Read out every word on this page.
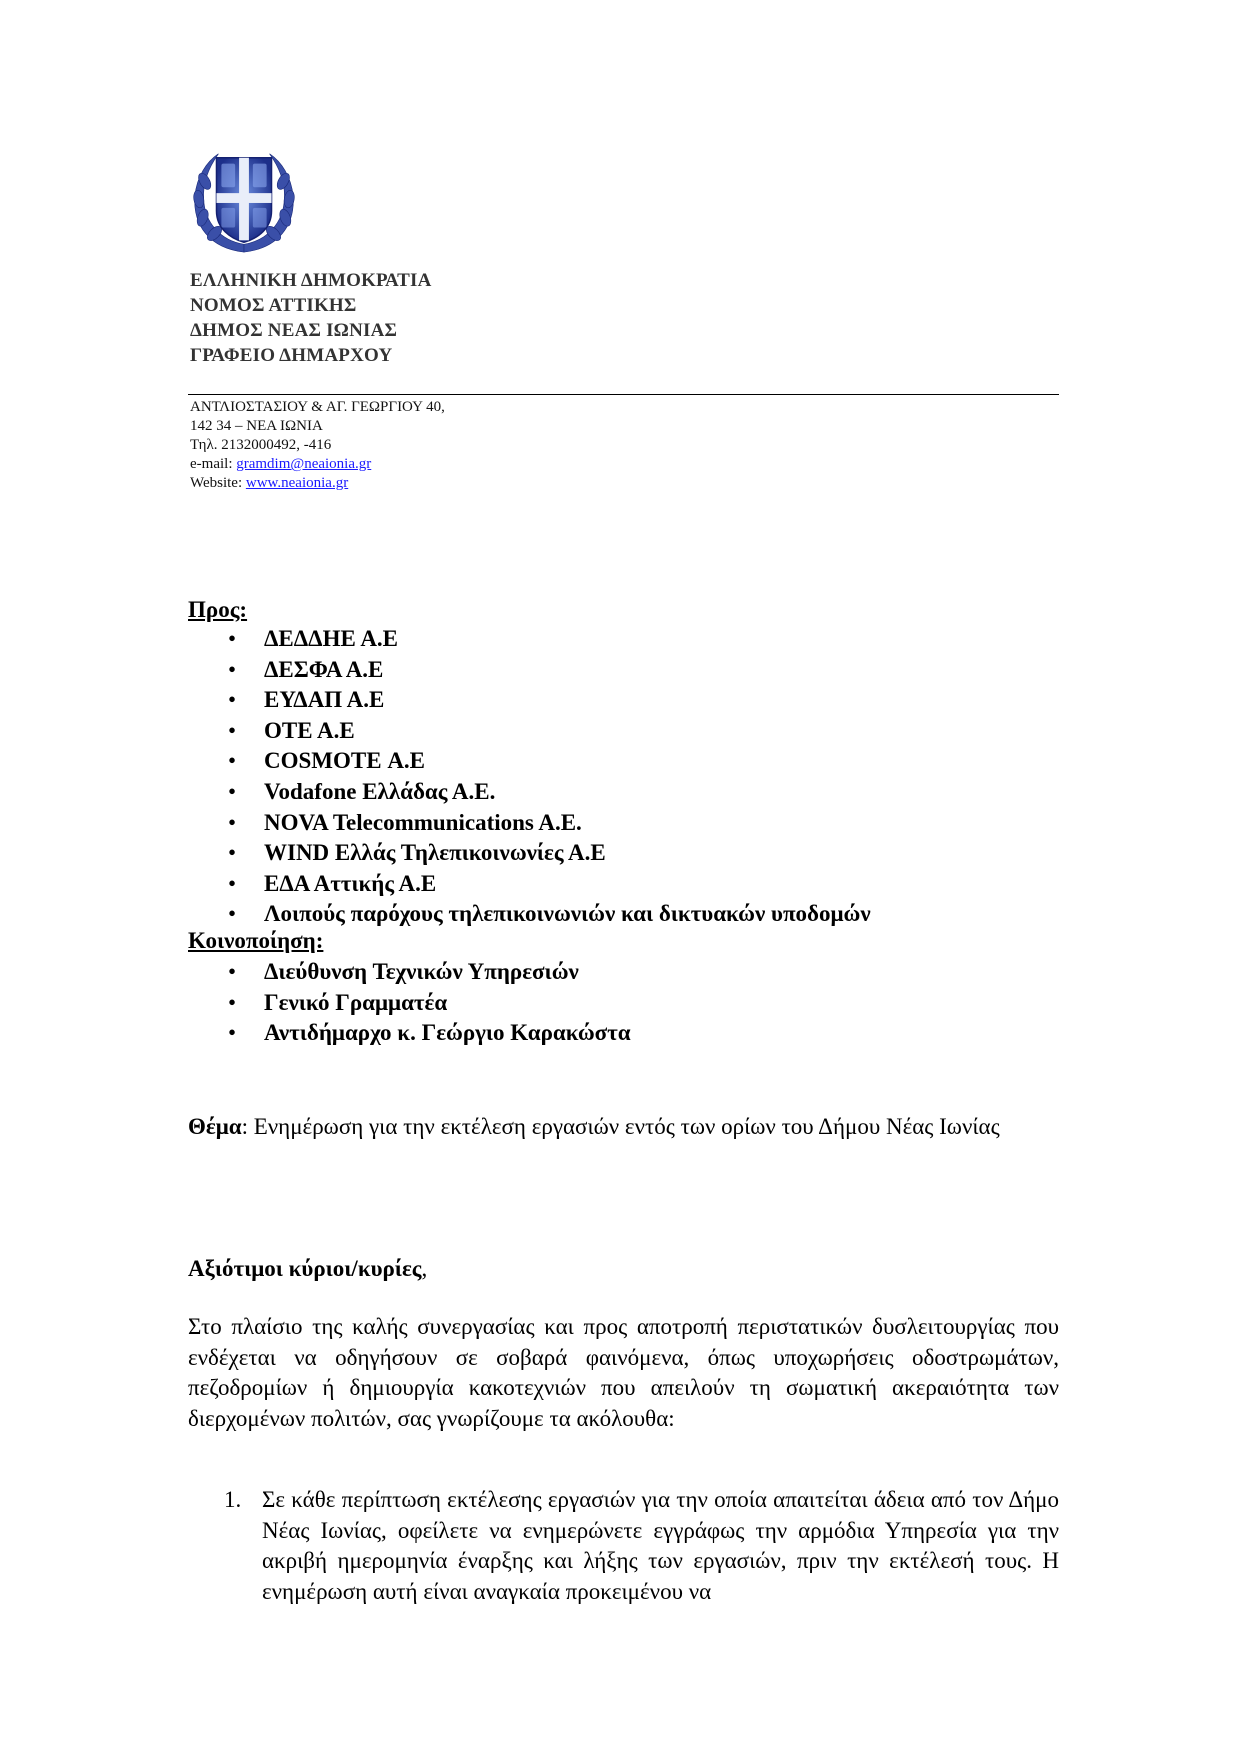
ΕΛΛΗΝΙΚΗ ΔΗΜΟΚΡΑΤΙΑ
ΝΟΜΟΣ ΑΤΤΙΚΗΣ
ΔΗΜΟΣ ΝΕΑΣ ΙΩΝΙΑΣ
ΓΡΑΦΕΙΟ ΔΗΜΑΡΧΟΥ
ΑΝΤΛΙΟΣΤΑΣΙΟΥ & ΑΓ. ΓΕΩΡΓΙΟΥ 40,
142 34 – ΝΕΑ ΙΩΝΙΑ
Τηλ. 2132000492, -416
e-mail: gramdim@neaionia.gr
Website: www.neaionia.gr
Προς:
• ΔΕΔΔΗΕ Α.Ε
• ΔΕΣΦΑ Α.Ε
• ΕΥΔΑΠ Α.Ε
• ΟΤΕ Α.Ε
• COSMOTE Α.Ε
• Vodafone Ελλάδας Α.Ε.
• NOVA Telecommunications A.E.
• WIND Ελλάς Τηλεπικοινωνίες Α.Ε
• ΕΔΑ Αττικής Α.Ε
• Λοιπούς παρόχους τηλεπικοινωνιών και δικτυακών υποδομών
Κοινοποίηση:
• Διεύθυνση Τεχνικών Υπηρεσιών
• Γενικό Γραμματέα
• Αντιδήμαρχο κ. Γεώργιο Καρακώστα
Θέμα: Ενημέρωση για την εκτέλεση εργασιών εντός των ορίων του Δήμου Νέας Ιωνίας
Αξιότιμοι κύριοι/κυρίες,
Στο πλαίσιο της καλής συνεργασίας και προς αποτροπή περιστατικών δυσλειτουργίας που ενδέχεται να οδηγήσουν σε σοβαρά φαινόμενα, όπως υποχωρήσεις οδοστρωμάτων, πεζοδρομίων ή δημιουργία κακοτεχνιών που απειλούν τη σωματική ακεραιότητα των διερχομένων πολιτών, σας γνωρίζουμε τα ακόλουθα:
1. Σε κάθε περίπτωση εκτέλεσης εργασιών για την οποία απαιτείται άδεια από τον Δήμο Νέας Ιωνίας, οφείλετε να ενημερώνετε εγγράφως την αρμόδια Υπηρεσία για την ακριβή ημερομηνία έναρξης και λήξης των εργασιών, πριν την εκτέλεσή τους. Η ενημέρωση αυτή είναι αναγκαία προκειμένου να
